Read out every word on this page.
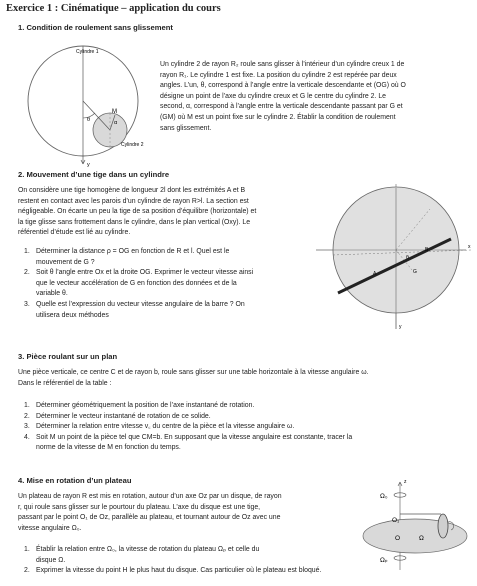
Exercice 1 : Cinématique – application du cours
1. Condition de roulement sans glissement
Cylindre 1
Cylindre 2
M
θ	α
y

Un cylindre 2 de rayon R₂ roule sans glisser à l’intérieur d’un cylindre creux 1 de

rayon R₁. Le cylindre 1 est fixe. La position du cylindre 2 est repérée par deux

angles. L’un, θ, correspond à l’angle entre la verticale descendante et (OG) où O

désigne un point de l’axe du cylindre creux et G le centre du cylindre 2. Le

second, α, correspond à l’angle entre la verticale descendante passant par G et

(GM) où M est un point fixe sur le cylindre 2. Établir la condition de roulement

sans glissement.

2. Mouvement d’une tige dans un cylindre

On considère une tige homogène de longueur 2l dont les extrémités A et B

restent en contact avec les parois d’un cylindre de rayon R>l. La section est

négligeable. On écarte un peu la tige de sa position d’équilibre (horizontale) et

la tige glisse sans frottement dans le cylindre, dans le plan vertical (Oxy). Le

référentiel d’étude est lié au cylindre.

1. Déterminer la distance ρ = OG en fonction de R et l. Quel est le
mouvement de G ?
2. Soit θ l’angle entre Ox et la droite OG. Exprimer le vecteur vitesse ainsi
que le vecteur accélération de G en fonction des données et de la
variable θ.
3. Quelle est l’expression du vecteur vitesse angulaire de la barre ? On
utilisera deux méthodes
x
y
θ
A
B
G
3. Pièce roulant sur un plan

Une pièce verticale, ce centre C et de rayon b, roule sans glisser sur une table horizontale à la vitesse angulaire ω.

Dans le référentiel de la table :

1. Déterminer géométriquement la position de l’axe instantané de rotation.
2. Déterminer le vecteur instantané de rotation de ce solide.
3. Déterminer la relation entre vitesse v꜀ du centre de la pièce et la vitesse angulaire ω.
4. Soit M un point de la pièce tel que CM=b. En supposant que la vitesse angulaire est constante, tracer la
norme de la vitesse de M en fonction du temps.
4. Mise en rotation d’un plateau

Un plateau de rayon R est mis en rotation, autour d’un axe Oz par un disque, de rayon

r, qui roule sans glisser sur le pourtour du plateau. L’axe du disque est une tige,

passant par le point O₁ de Oz, parallèle au plateau, et tournant autour de Oz avec une

vitesse angulaire Ω₀.

1. Établir la relation entre Ω₀, la vitesse de rotation du plateau Ωₚ et celle du
disque Ω.
2. Exprimer la vitesse du point H le plus haut du disque. Cas particulier où le plateau est bloqué.
z
Ω₀
O₁
O	Ω
Ωₚ
